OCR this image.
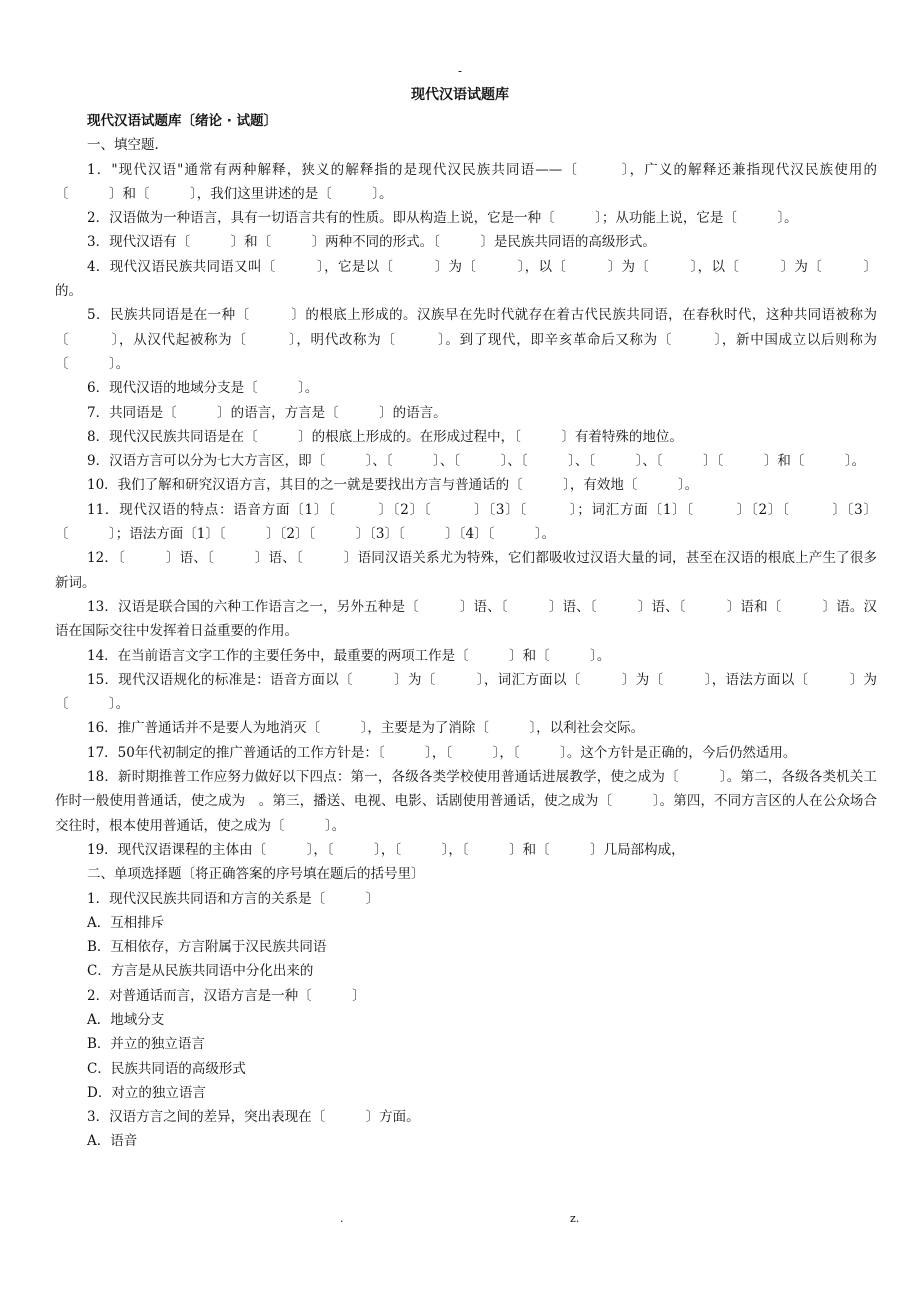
-
现代汉语试题库

现代汉语试题库〔绪论 · 试题〕

一、填空题.

1．"现代汉语"通常有两种解释，狭义的解释指的是现代汉民族共同语——〔　　　〕，广义的解释还兼指现代汉民族使用的〔　　　〕和〔　　　〕，我们这里讲述的是〔　　　〕。

2．汉语做为一种语言，具有一切语言共有的性质。即从构造上说，它是一种〔　　　〕；从功能上说，它是〔　　　〕。

3．现代汉语有〔　　　〕和〔　　　〕两种不同的形式。〔　　　〕是民族共同语的高级形式。

4．现代汉语民族共同语又叫〔　　　〕，它是以〔　　　〕为〔　　　〕，以〔　　　〕为〔　　　〕，以〔　　　〕为〔　　　〕的。

5．民族共同语是在一种〔　　　〕的根底上形成的。汉族早在先时代就存在着古代民族共同语，在春秋时代，这种共同语被称为〔　　　〕，从汉代起被称为〔　　　〕，明代改称为〔　　　〕。到了现代，即辛亥革命后又称为〔　　　〕，新中国成立以后则称为〔　　　〕。

6．现代汉语的地域分支是〔　　　〕。

7．共同语是〔　　　〕的语言，方言是〔　　　〕的语言。

8．现代汉民族共同语是在〔　　　〕的根底上形成的。在形成过程中，〔　　　〕有着特殊的地位。

9．汉语方言可以分为七大方言区，即〔　　　〕、〔　　　〕、〔　　　〕、〔　　　〕、〔　　　〕、〔　　　〕〔　　　〕和〔　　　〕。

10．我们了解和研究汉语方言，其目的之一就是要找出方言与普通话的〔　　　〕，有效地〔　　　〕。

11．现代汉语的特点：语音方面〔1〕〔　　　〕〔2〕〔　　　〕〔3〕〔　　　〕；词汇方面〔1〕〔　　　〕〔2〕〔　　　〕〔3〕〔　　　〕；语法方面〔1〕〔　　　〕〔2〕〔　　　〕〔3〕〔　　　〕〔4〕〔　　　〕。

12．〔　　　〕语、〔　　　〕语、〔　　　〕语同汉语关系尤为特殊，它们都吸收过汉语大量的词，甚至在汉语的根底上产生了很多新词。

13．汉语是联合国的六种工作语言之一，另外五种是〔　　　〕语、〔　　　〕语、〔　　　〕语、〔　　　〕语和〔　　　〕语。汉语在国际交往中发挥着日益重要的作用。

14．在当前语言文字工作的主要任务中，最重要的两项工作是〔　　　〕和〔　　　〕。

15．现代汉语规化的标准是：语音方面以〔　　　〕为〔　　　〕，词汇方面以〔　　　〕为〔　　　〕，语法方面以〔　　　〕为〔　　　〕。

16．推广普通话并不是要人为地消灭〔　　　〕，主要是为了消除〔　　　〕，以利社会交际。

17．50年代初制定的推广普通话的工作方针是：〔　　　〕，〔　　　〕，〔　　　〕。这个方针是正确的，今后仍然适用。

18．新时期推普工作应努力做好以下四点：第一，各级各类学校使用普通话进展教学，使之成为〔　　　〕。第二，各级各类机关工作时一般使用普通话，使之成为　。第三，播送、电视、电影、话剧使用普通话，使之成为〔　　　〕。第四，不同方言区的人在公众场合交往时，根本使用普通话，使之成为〔　　　〕。

19．现代汉语课程的主体由〔　　　〕，〔　　　〕，〔　　　〕，〔　　　〕和〔　　　〕几局部构成，

二、单项选择题〔将正确答案的序号填在题后的括号里〕

1．现代汉民族共同语和方言的关系是〔　　　〕

A．互相排斥

B．互相依存，方言附属于汉民族共同语

C．方言是从民族共同语中分化出来的

2．对普通话而言，汉语方言是一种〔　　　〕

A．地域分支

B．并立的独立语言

C．民族共同语的高级形式

D．对立的独立语言

3．汉语方言之间的差异，突出表现在〔　　　〕方面。

A．语音

.	z.
